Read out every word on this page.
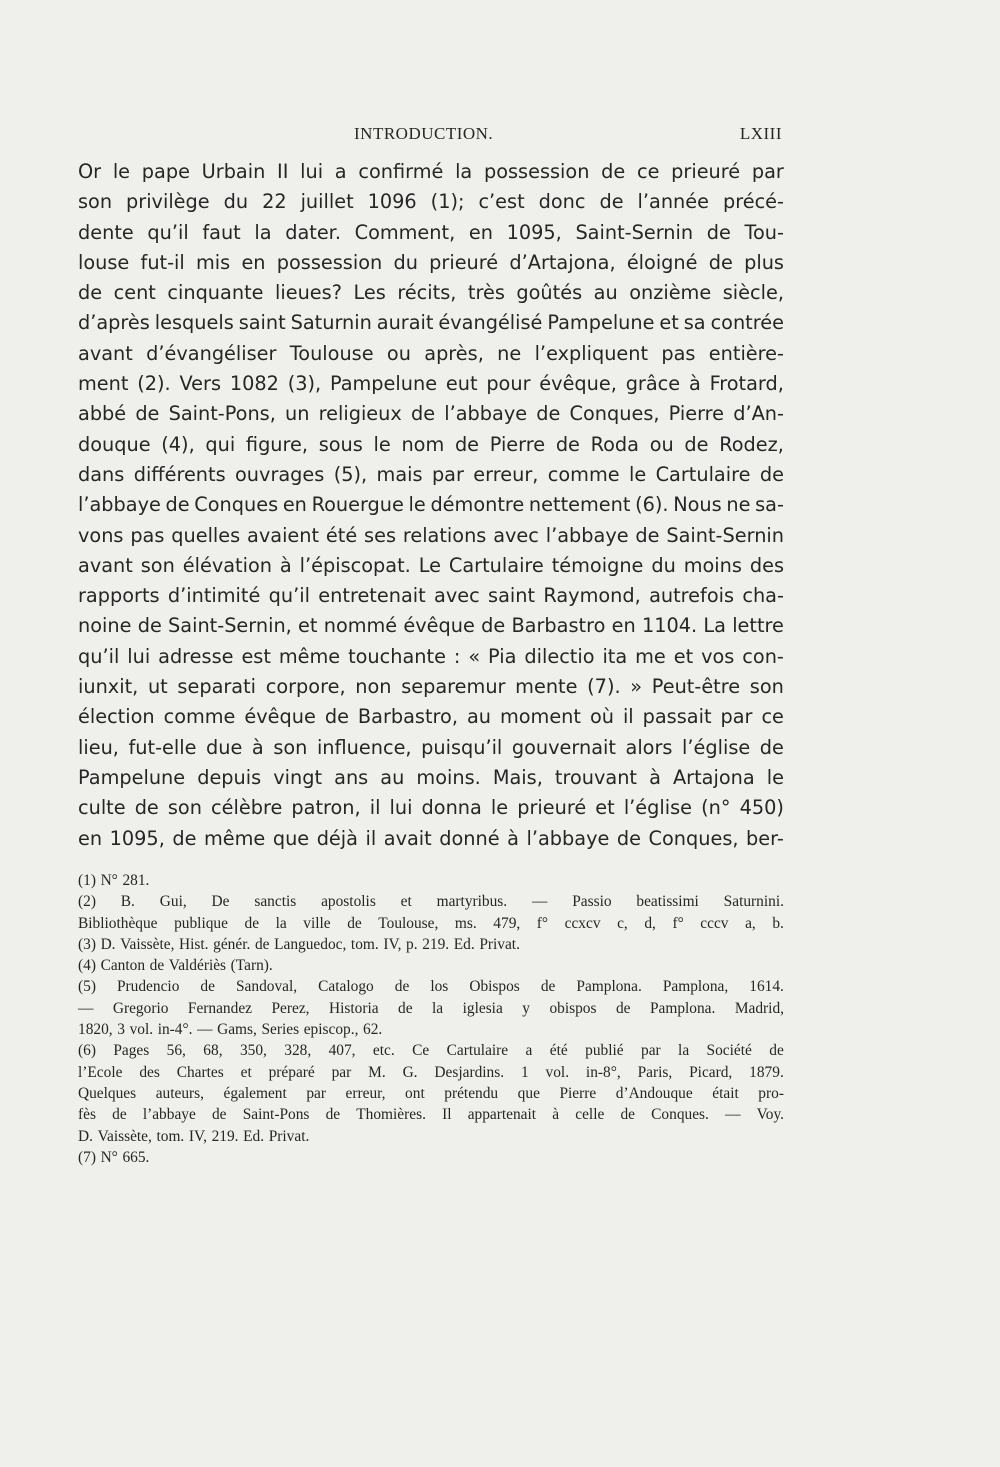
INTRODUCTION.	LXIII
Or le pape Urbain II lui a confirmé la possession de ce prieuré par
son privilège du 22 juillet 1096 (1); c’est donc de l’année précé-
dente qu’il faut la dater. Comment, en 1095, Saint-Sernin de Tou-
louse fut-il mis en possession du prieuré d’Artajona, éloigné de plus
de cent cinquante lieues? Les récits, très goûtés au onzième siècle,
d’après lesquels saint Saturnin aurait évangélisé Pampelune et sa contrée
avant d’évangéliser Toulouse ou après, ne l’expliquent pas entière-
ment (2). Vers 1082 (3), Pampelune eut pour évêque, grâce à Frotard,
abbé de Saint-Pons, un religieux de l’abbaye de Conques, Pierre d’An-
douque (4), qui figure, sous le nom de Pierre de Roda ou de Rodez,
dans différents ouvrages (5), mais par erreur, comme le Cartulaire de
l’abbaye de Conques en Rouergue le démontre nettement (6). Nous ne sa-
vons pas quelles avaient été ses relations avec l’abbaye de Saint-Sernin
avant son élévation à l’épiscopat. Le Cartulaire témoigne du moins des
rapports d’intimité qu’il entretenait avec saint Raymond, autrefois cha-
noine de Saint-Sernin, et nommé évêque de Barbastro en 1104. La lettre
qu’il lui adresse est même touchante : « Pia dilectio ita me et vos con-
iunxit, ut separati corpore, non separemur mente (7). » Peut-être son
élection comme évêque de Barbastro, au moment où il passait par ce
lieu, fut-elle due à son influence, puisqu’il gouvernait alors l’église de
Pampelune depuis vingt ans au moins. Mais, trouvant à Artajona le
culte de son célèbre patron, il lui donna le prieuré et l’église (n° 450)
en 1095, de même que déjà il avait donné à l’abbaye de Conques, ber-
(1) N° 281.
(2) B. Gui, De sanctis apostolis et martyribus. — Passio beatissimi Saturnini.
Bibliothèque publique de la ville de Toulouse, ms. 479, f° ccxcv c, d, f° cccv a, b.
(3) D. Vaissète, Hist. génér. de Languedoc, tom. IV, p. 219. Ed. Privat.
(4) Canton de Valdériès (Tarn).
(5) Prudencio de Sandoval, Catalogo de los Obispos de Pamplona. Pamplona, 1614.
— Gregorio Fernandez Perez, Historia de la iglesia y obispos de Pamplona. Madrid,
1820, 3 vol. in-4°. — Gams, Series episcop., 62.
(6) Pages 56, 68, 350, 328, 407, etc. Ce Cartulaire a été publié par la Société de
l’Ecole des Chartes et préparé par M. G. Desjardins. 1 vol. in-8°, Paris, Picard, 1879.
Quelques auteurs, également par erreur, ont prétendu que Pierre d’Andouque était pro-
fès de l’abbaye de Saint-Pons de Thomières. Il appartenait à celle de Conques. — Voy.
D. Vaissète, tom. IV, 219. Ed. Privat.
(7) N° 665.
